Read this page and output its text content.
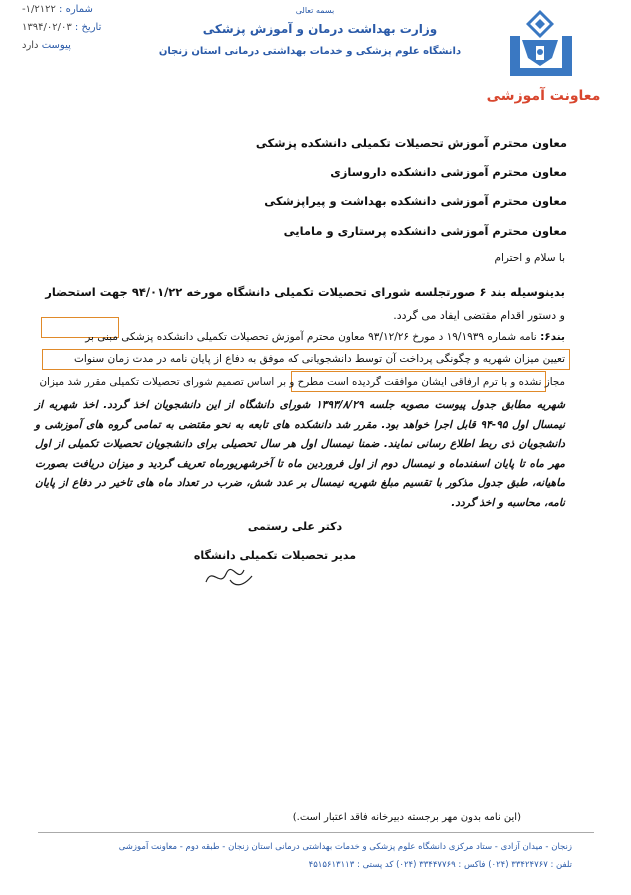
شماره : ۱/۲۱۲۲-
تاریخ : ۱۳۹۴/۰۲/۰۳
پیوست دارد
بسمه تعالی
وزارت بهداشت درمان و آموزش پزشکی
دانشگاه علوم پزشکی و خدمات بهداشتی درمانی استان زنجان
معاونت آموزشی
معاون محترم آموزش تحصیلات تکمیلی دانشکده پزشکی
معاون محترم آموزشی دانشکده داروسازی
معاون محترم آموزشی دانشکده بهداشت و پیراپزشکی
معاون محترم آموزشی دانشکده پرستاری و مامایی
با سلام و احترام
بدینوسیله بند ۶ صورتجلسه شورای تحصیلات تکمیلی دانشگاه مورخه ۹۴/۰۱/۲۲ جهت استحضار
و دستور اقدام مقتضی ایفاد می گردد.
بند۶: نامه شماره ۱۹/۱۹۳۹ د مورخ ۹۳/۱۲/۲۶ معاون محترم آموزش تحصیلات تکمیلی دانشکده پزشکی مبنی بر
تعیین میزان شهریه و چگونگی پرداخت آن توسط دانشجویانی که موفق به دفاع از پایان نامه در مدت زمان سنوات
مجاز نشده و با ترم ارفاقی ایشان موافقت گردیده است مطرح و بر اساس تصمیم شورای تحصیلات تکمیلی مقرر شد میزان
شهریه مطابق جدول پیوست مصوبه جلسه ۱۳۹۳/۸/۲۹ شورای دانشگاه از این دانشجویان اخذ گردد. اخذ شهریه از نیمسال اول ۹۵-۹۴ قابل اجرا خواهد بود. مقرر شد دانشکده های تابعه به نحو مقتضی به تمامی گروه های آموزشی و دانشجویان ذی ربط اطلاع رسانی نمایند. ضمنا نیمسال اول هر سال تحصیلی برای دانشجویان تحصیلات تکمیلی از اول مهر ماه تا پایان اسفندماه و نیمسال دوم از اول فروردین ماه تا آخرشهریورماه تعریف گردید و میزان دریافت بصورت ماهیانه، طبق جدول مذکور با تقسیم مبلغ شهریه نیمسال بر عدد شش، ضرب در تعداد ماه های تاخیر در دفاع از پایان نامه، محاسبه و اخذ گردد.
دکتر علی رستمی
مدیر تحصیلات تکمیلی دانشگاه
(این نامه بدون مهر برجسته دبیرخانه فاقد اعتبار است.)
زنجان - میدان آزادی - ستاد مرکزی دانشگاه علوم پزشکی و خدمات بهداشتی درمانی استان زنجان - طبقه دوم - معاونت آموزشی
تلفن : ۳۳۴۲۴۷۶۷ (۰۲۴) فاکس : ۳۳۴۴۷۷۶۹ (۰۲۴) کد پستی : ۴۵۱۵۶۱۳۱۱۳
